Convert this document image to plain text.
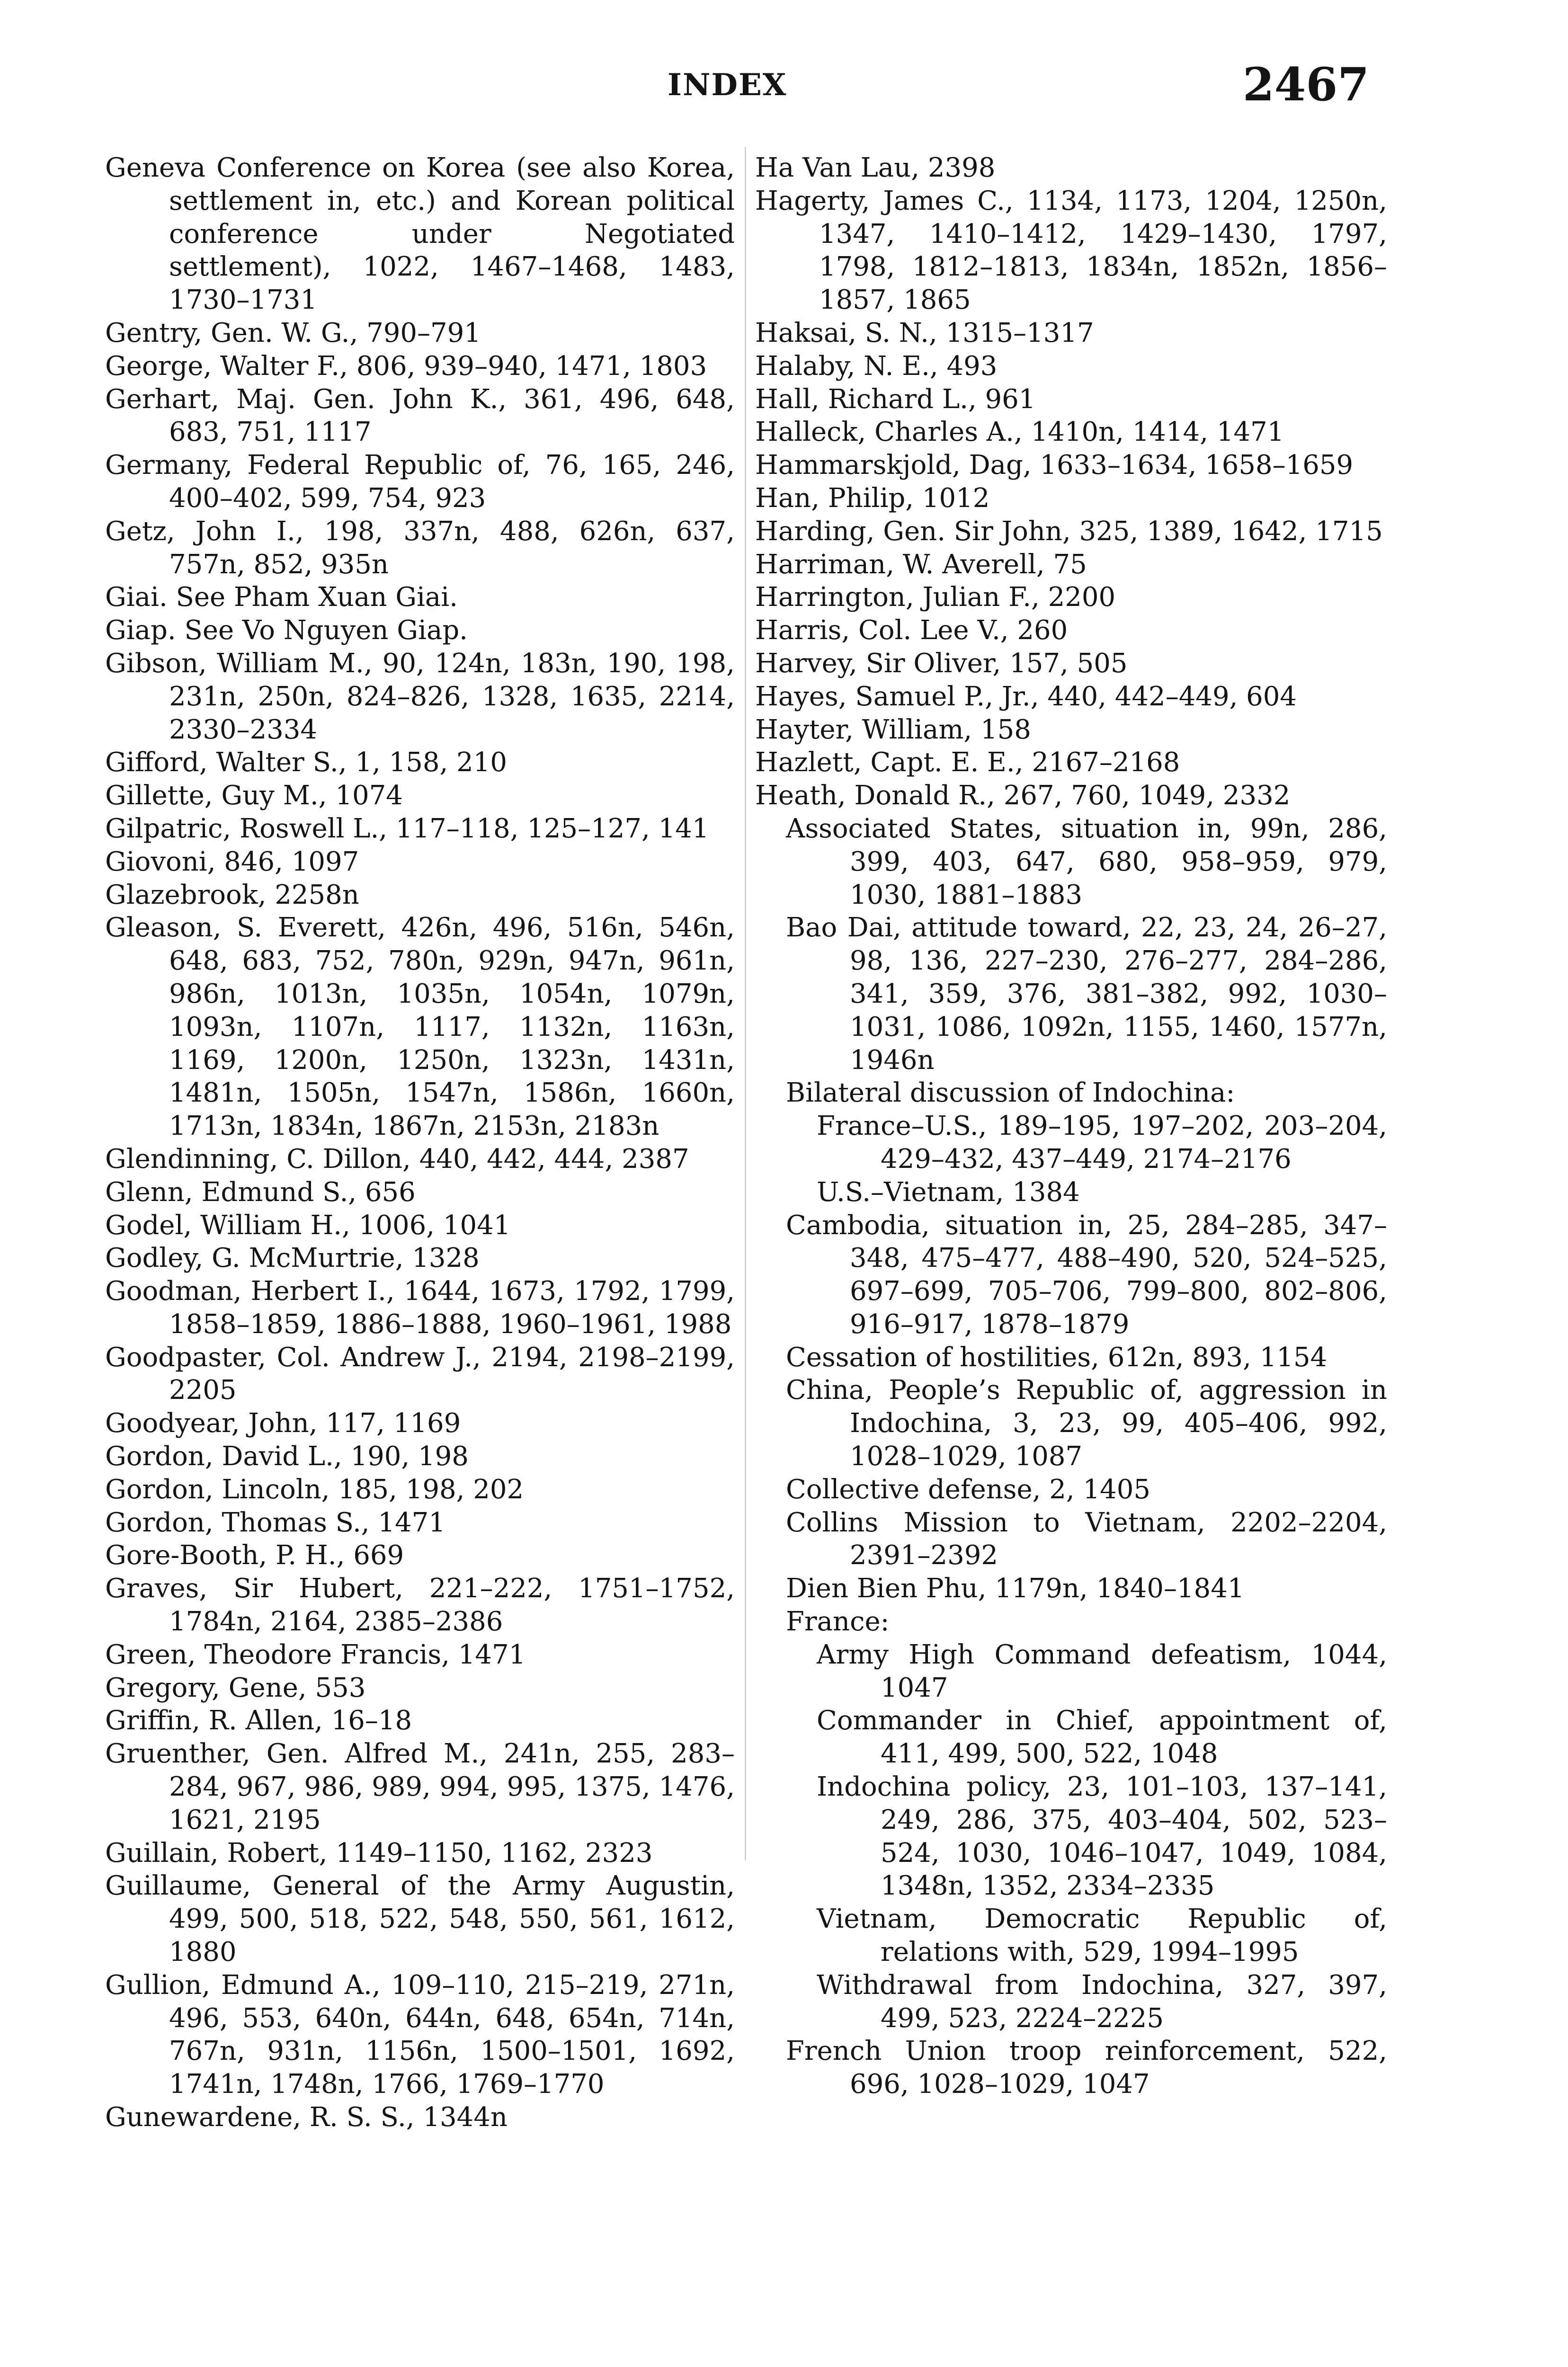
INDEX	2467
Geneva Conference on Korea (see also Korea, settlement in, etc.) and Korean political conference under Negotiated settlement), 1022, 1467–1468, 1483, 1730–1731
Gentry, Gen. W. G., 790–791
George, Walter F., 806, 939–940, 1471, 1803
Gerhart, Maj. Gen. John K., 361, 496, 648, 683, 751, 1117
Germany, Federal Republic of, 76, 165, 246, 400–402, 599, 754, 923
Getz, John I., 198, 337n, 488, 626n, 637, 757n, 852, 935n
Giai. See Pham Xuan Giai.
Giap. See Vo Nguyen Giap.
Gibson, William M., 90, 124n, 183n, 190, 198, 231n, 250n, 824–826, 1328, 1635, 2214, 2330–2334
Gifford, Walter S., 1, 158, 210
Gillette, Guy M., 1074
Gilpatric, Roswell L., 117–118, 125–127, 141
Giovoni, 846, 1097
Glazebrook, 2258n
Gleason, S. Everett, 426n, 496, 516n, 546n, 648, 683, 752, 780n, 929n, 947n, 961n, 986n, 1013n, 1035n, 1054n, 1079n, 1093n, 1107n, 1117, 1132n, 1163n, 1169, 1200n, 1250n, 1323n, 1431n, 1481n, 1505n, 1547n, 1586n, 1660n, 1713n, 1834n, 1867n, 2153n, 2183n
Glendinning, C. Dillon, 440, 442, 444, 2387
Glenn, Edmund S., 656
Godel, William H., 1006, 1041
Godley, G. McMurtrie, 1328
Goodman, Herbert I., 1644, 1673, 1792, 1799, 1858–1859, 1886–1888, 1960–1961, 1988
Goodpaster, Col. Andrew J., 2194, 2198–2199, 2205
Goodyear, John, 117, 1169
Gordon, David L., 190, 198
Gordon, Lincoln, 185, 198, 202
Gordon, Thomas S., 1471
Gore-Booth, P. H., 669
Graves, Sir Hubert, 221–222, 1751–1752, 1784n, 2164, 2385–2386
Green, Theodore Francis, 1471
Gregory, Gene, 553
Griffin, R. Allen, 16–18
Gruenther, Gen. Alfred M., 241n, 255, 283–284, 967, 986, 989, 994, 995, 1375, 1476, 1621, 2195
Guillain, Robert, 1149–1150, 1162, 2323
Guillaume, General of the Army Augustin, 499, 500, 518, 522, 548, 550, 561, 1612, 1880
Gullion, Edmund A., 109–110, 215–219, 271n, 496, 553, 640n, 644n, 648, 654n, 714n, 767n, 931n, 1156n, 1500–1501, 1692, 1741n, 1748n, 1766, 1769–1770
Gunewardene, R. S. S., 1344n
Ha Van Lau, 2398
Hagerty, James C., 1134, 1173, 1204, 1250n, 1347, 1410–1412, 1429–1430, 1797, 1798, 1812–1813, 1834n, 1852n, 1856–1857, 1865
Haksai, S. N., 1315–1317
Halaby, N. E., 493
Hall, Richard L., 961
Halleck, Charles A., 1410n, 1414, 1471
Hammarskjold, Dag, 1633–1634, 1658–1659
Han, Philip, 1012
Harding, Gen. Sir John, 325, 1389, 1642, 1715
Harriman, W. Averell, 75
Harrington, Julian F., 2200
Harris, Col. Lee V., 260
Harvey, Sir Oliver, 157, 505
Hayes, Samuel P., Jr., 440, 442–449, 604
Hayter, William, 158
Hazlett, Capt. E. E., 2167–2168
Heath, Donald R., 267, 760, 1049, 2332
Associated States, situation in, 99n, 286, 399, 403, 647, 680, 958–959, 979, 1030, 1881–1883
Bao Dai, attitude toward, 22, 23, 24, 26–27, 98, 136, 227–230, 276–277, 284–286, 341, 359, 376, 381–382, 992, 1030–1031, 1086, 1092n, 1155, 1460, 1577n, 1946n
Bilateral discussion of Indochina:
France–U.S., 189–195, 197–202, 203–204, 429–432, 437–449, 2174–2176
U.S.–Vietnam, 1384
Cambodia, situation in, 25, 284–285, 347–348, 475–477, 488–490, 520, 524–525, 697–699, 705–706, 799–800, 802–806, 916–917, 1878–1879
Cessation of hostilities, 612n, 893, 1154
China, People’s Republic of, aggression in Indochina, 3, 23, 99, 405–406, 992, 1028–1029, 1087
Collective defense, 2, 1405
Collins Mission to Vietnam, 2202–2204, 2391–2392
Dien Bien Phu, 1179n, 1840–1841
France:
Army High Command defeatism, 1044, 1047
Commander in Chief, appointment of, 411, 499, 500, 522, 1048
Indochina policy, 23, 101–103, 137–141, 249, 286, 375, 403–404, 502, 523–524, 1030, 1046–1047, 1049, 1084, 1348n, 1352, 2334–2335
Vietnam, Democratic Republic of, relations with, 529, 1994–1995
Withdrawal from Indochina, 327, 397, 499, 523, 2224–2225
French Union troop reinforcement, 522, 696, 1028–1029, 1047
